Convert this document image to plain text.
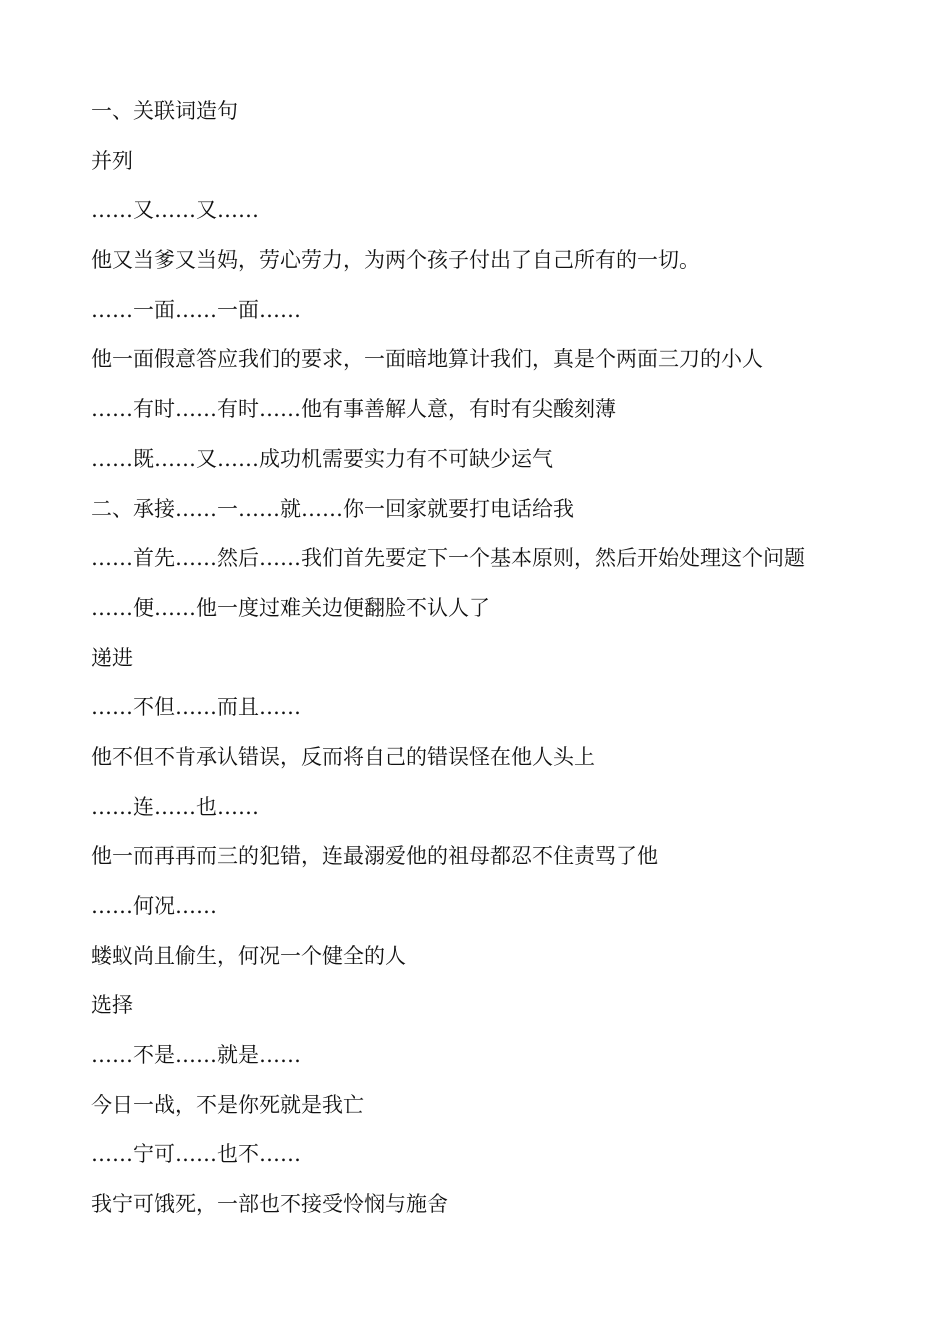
一、关联词造句

并列

……又……又……

他又当爹又当妈，劳心劳力，为两个孩子付出了自己所有的一切。

……一面……一面……

他一面假意答应我们的要求，一面暗地算计我们，真是个两面三刀的小人

……有时……有时……他有事善解人意，有时有尖酸刻薄

……既……又……成功机需要实力有不可缺少运气

二、承接……一……就……你一回家就要打电话给我

……首先……然后……我们首先要定下一个基本原则，然后开始处理这个问题

……便……他一度过难关边便翻脸不认人了

递进

……不但……而且……

他不但不肯承认错误，反而将自己的错误怪在他人头上

……连……也……

他一而再再而三的犯错，连最溺爱他的祖母都忍不住责骂了他

……何况……

蝼蚁尚且偷生，何况一个健全的人

选择

……不是……就是……

今日一战，不是你死就是我亡

……宁可……也不……

我宁可饿死，一部也不接受怜悯与施舍
